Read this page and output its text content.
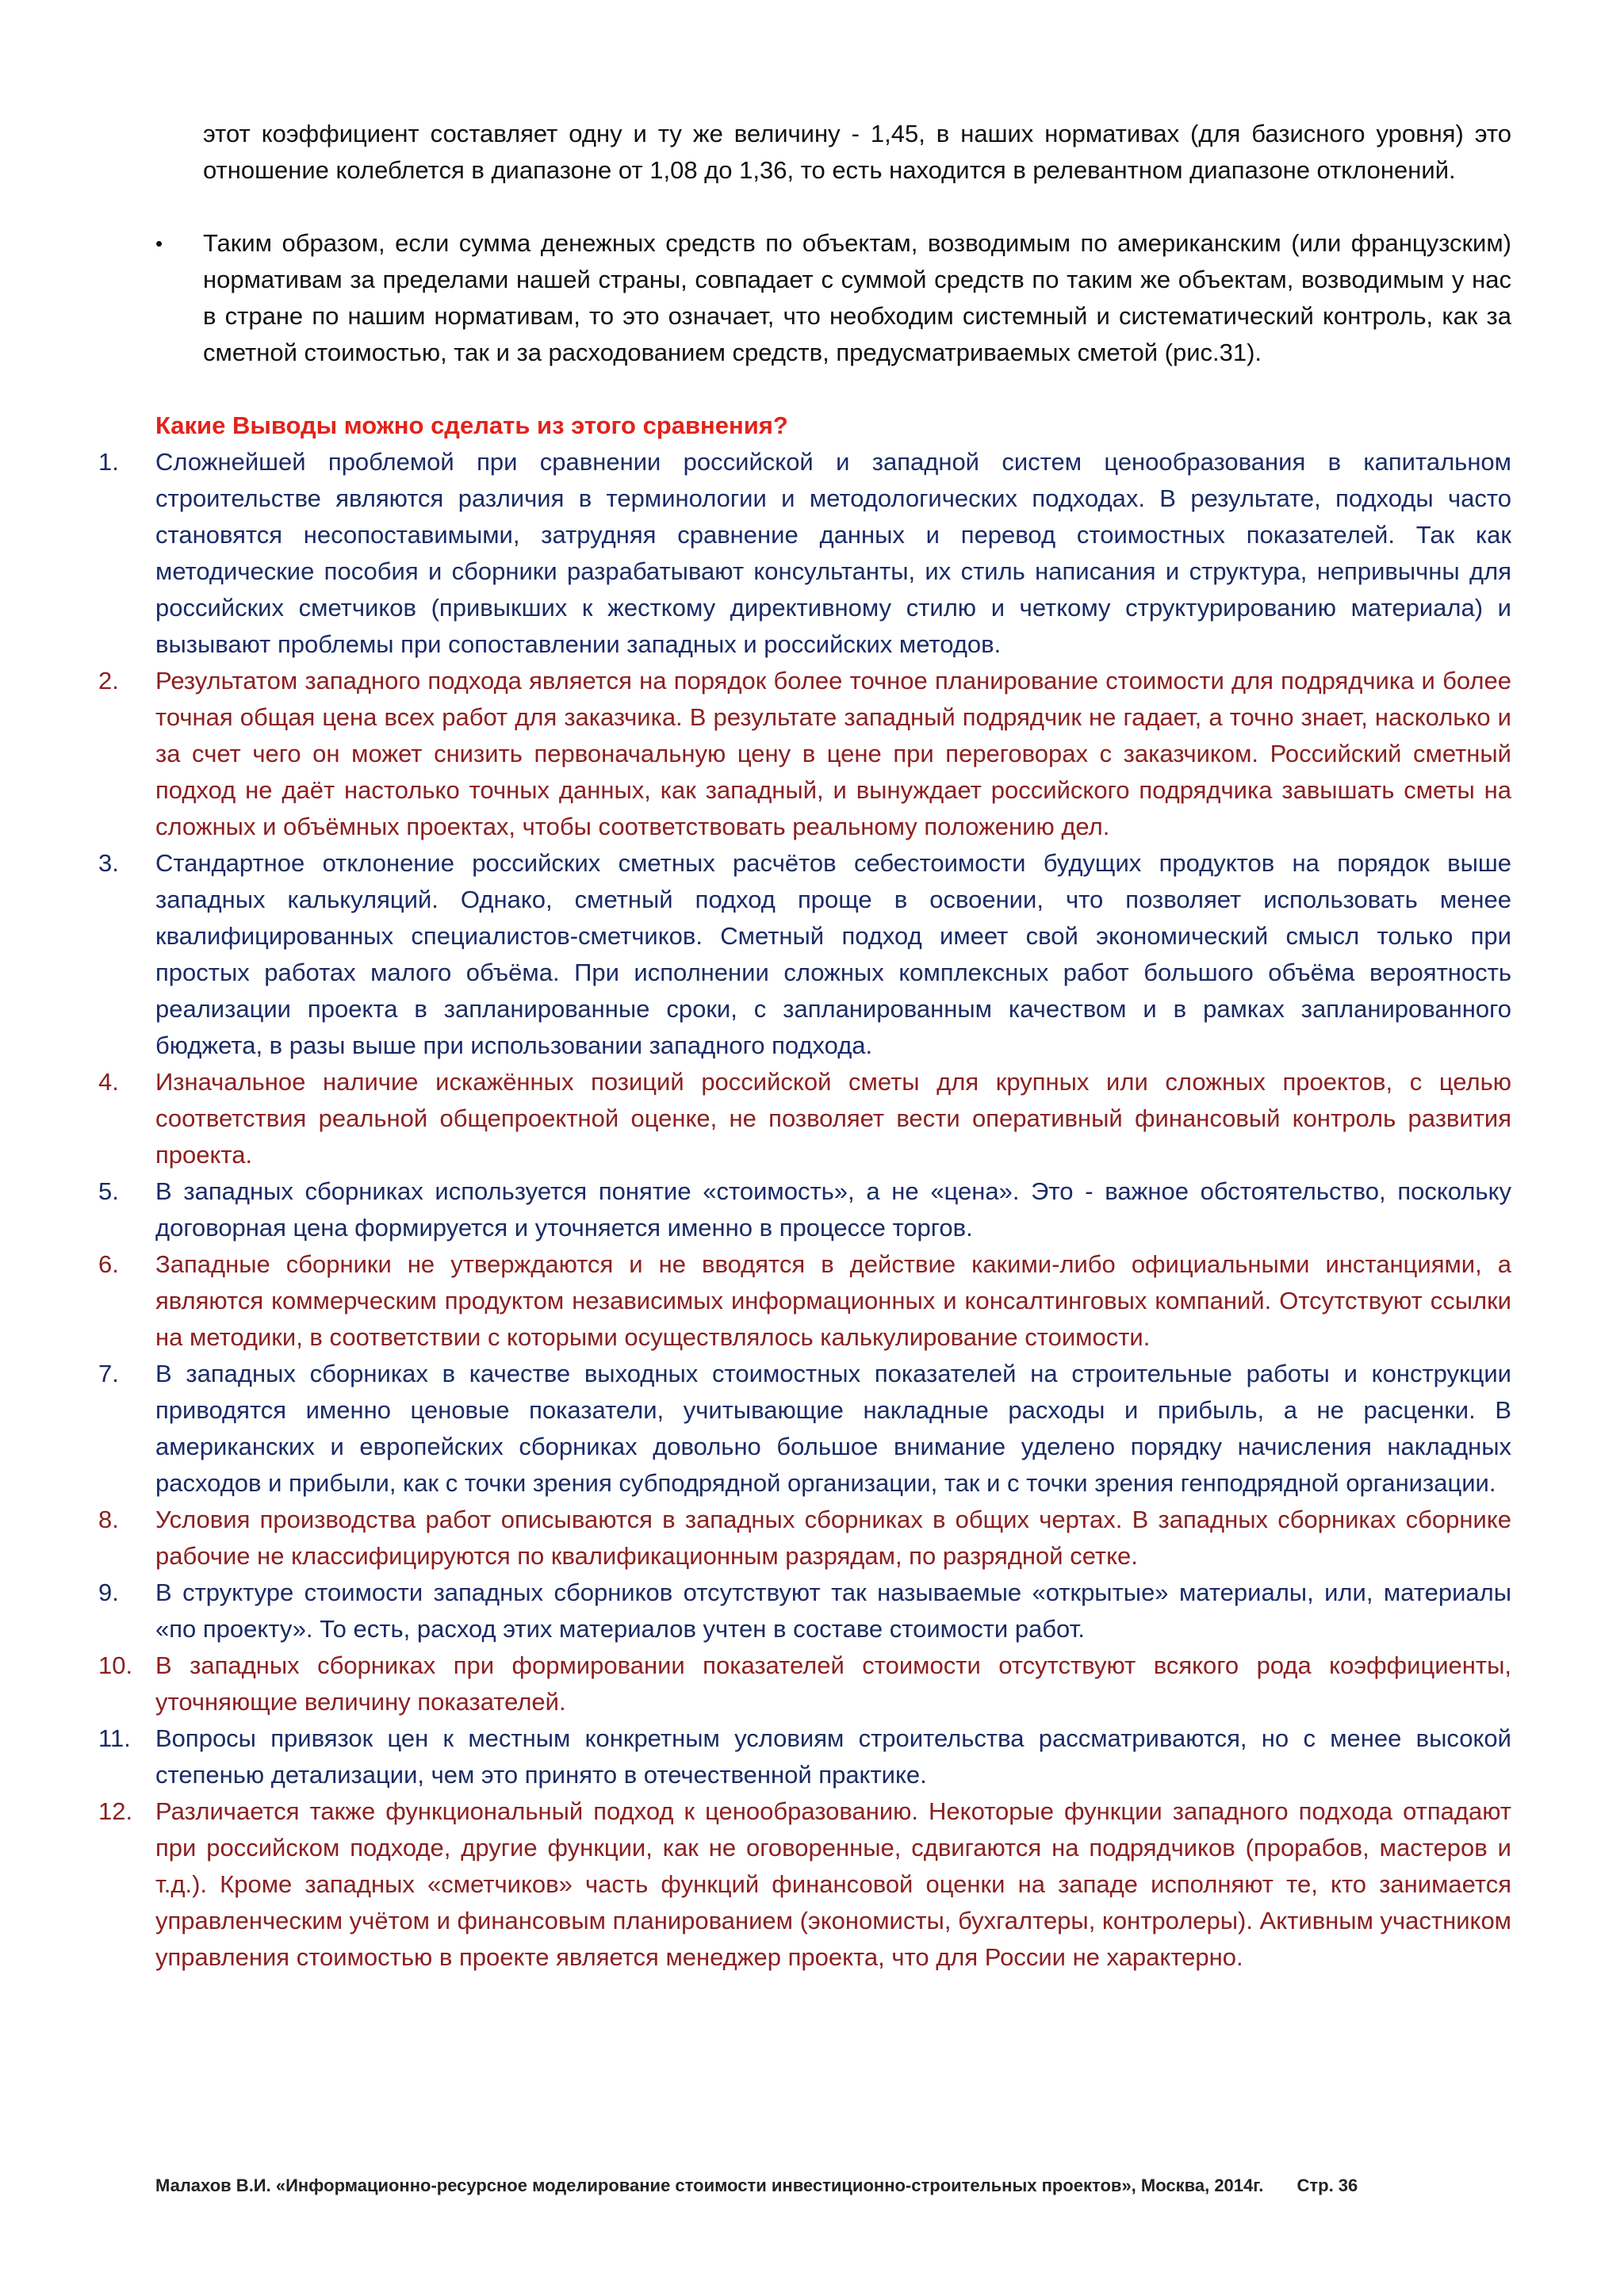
этот коэффициент составляет одну и ту же величину - 1,45, в наших нормативах (для базисного уровня) это отношение колеблется в диапазоне от 1,08 до 1,36, то есть находится в релевантном диапазоне отклонений.

•	Таким образом, если сумма денежных средств по объектам, возводимым по американским (или французским) нормативам за пределами нашей страны, совпадает с суммой средств по таким же объектам, возводимым у нас в стране по нашим нормативам, то это означает, что необходим системный и систематический контроль, как за сметной стоимостью, так и за расходованием средств, предусматриваемых сметой (рис.31).
Какие Выводы можно сделать из этого сравнения?
1.	Сложнейшей проблемой при сравнении российской и западной систем ценообразования в капитальном строительстве являются различия в терминологии и методологических подходах. В результате, подходы часто становятся несопоставимыми, затрудняя сравнение данных и перевод стоимостных показателей. Так как методические пособия и сборники разрабатывают консультанты, их стиль написания и структура, непривычны для российских сметчиков (привыкших к жесткому директивному стилю и четкому структурированию материала) и вызывают проблемы при сопоставлении западных и российских методов.
2.	Результатом западного подхода является на порядок более точное планирование стоимости для подрядчика и более точная общая цена всех работ для заказчика. В результате западный подрядчик не гадает, а точно знает, насколько и за счет чего он может снизить первоначальную цену в цене при переговорах с заказчиком. Российский сметный подход не даёт настолько точных данных, как западный, и вынуждает российского подрядчика завышать сметы на сложных и объёмных проектах, чтобы соответствовать реальному положению дел.
3.	Стандартное отклонение российских сметных расчётов себестоимости будущих продуктов на порядок выше западных калькуляций. Однако, сметный подход проще в освоении, что позволяет использовать менее квалифицированных специалистов-сметчиков. Сметный подход имеет свой экономический смысл только при простых работах малого объёма. При исполнении сложных комплексных работ большого объёма вероятность реализации проекта в запланированные сроки, с запланированным качеством и в рамках запланированного бюджета, в разы выше при использовании западного подхода.
4.	Изначальное наличие искажённых позиций российской сметы для крупных или сложных проектов, с целью соответствия реальной общепроектной оценке, не позволяет вести оперативный финансовый контроль развития проекта.
5.	В западных сборниках используется понятие «стоимость», а не «цена». Это - важное обстоятельство, поскольку договорная цена формируется и уточняется именно в процессе торгов.
6.	Западные сборники не утверждаются и не вводятся в действие какими-либо официальными инстанциями, а являются коммерческим продуктом независимых информационных и консалтинговых компаний. Отсутствуют ссылки на методики, в соответствии с которыми осуществлялось калькулирование стоимости.
7.	В западных сборниках в качестве выходных стоимостных показателей на строительные работы и конструкции приводятся именно ценовые показатели, учитывающие накладные расходы и прибыль, а не расценки. В американских и европейских сборниках довольно большое внимание уделено порядку начисления накладных расходов и прибыли, как с точки зрения субподрядной организации, так и с точки зрения генподрядной организации.
8.	Условия производства работ описываются в западных сборниках в общих чертах. В западных сборниках сборнике рабочие не классифицируются по квалификационным разрядам, по разрядной сетке.
9.	В структуре стоимости западных сборников отсутствуют так называемые «открытые» материалы, или, материалы «по проекту». То есть, расход этих материалов учтен в составе стоимости работ.
10. В западных сборниках при формировании показателей стоимости отсутствуют всякого рода коэффициенты, уточняющие величину показателей.
11.	Вопросы привязок цен к местным конкретным условиям строительства рассматриваются, но с менее высокой степенью детализации, чем это принято в отечественной практике.
12. Различается также функциональный подход к ценообразованию. Некоторые функции западного подхода отпадают при российском подходе, другие функции, как не оговоренные, сдвигаются на подрядчиков (прорабов, мастеров и т.д.). Кроме западных «сметчиков» часть функций финансовой оценки на западе исполняют те, кто занимается управленческим учётом и финансовым планированием (экономисты, бухгалтеры, контролеры). Активным участником управления стоимостью в проекте является менеджер проекта, что для России не характерно.
Малахов В.И. «Информационно-ресурсное моделирование стоимости инвестиционно-строительных проектов», Москва, 2014г. Стр. 36
